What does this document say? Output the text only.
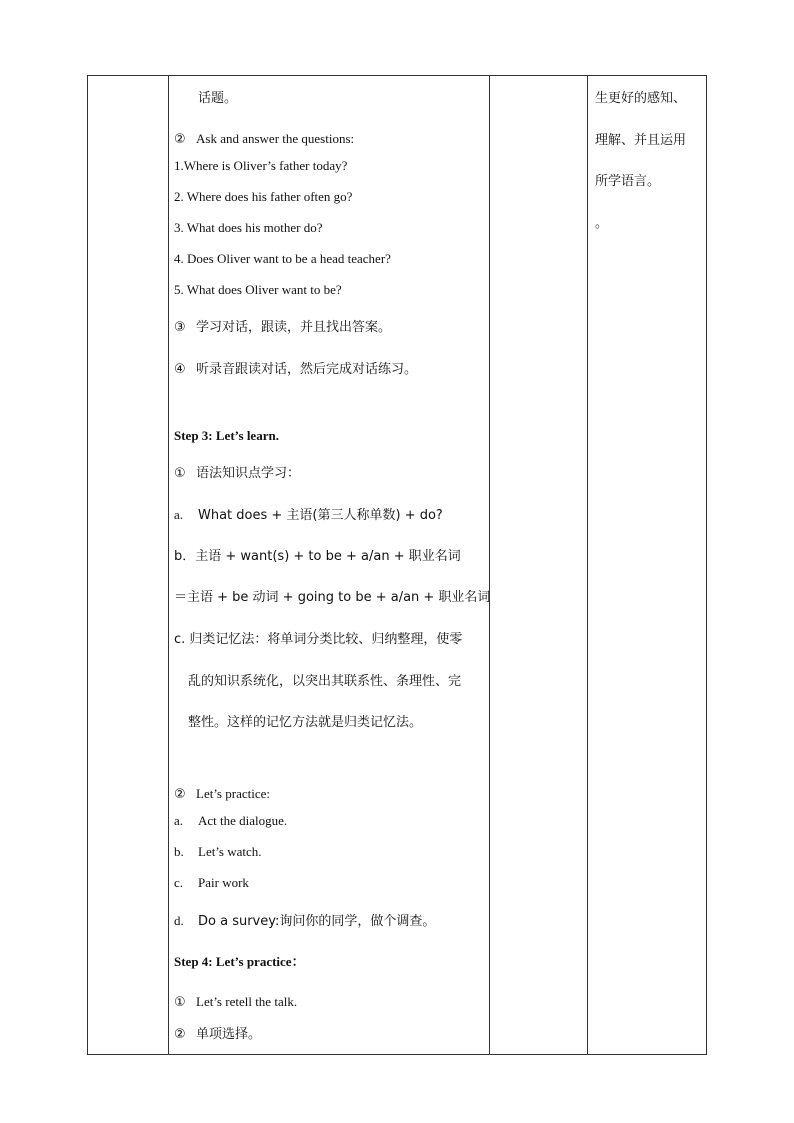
话题。
② Ask and answer the questions:
1.Where is Oliver’s father today?
2. Where does his father often go?
3. What does his mother do?
4. Does Oliver want to be a head teacher?
5. What does Oliver want to be?
③ 学习对话，跟读，并且找出答案。
④ 听录音跟读对话，然后完成对话练习。
Step 3: Let’s learn.
① 语法知识点学习：
a. What does + 主语(第三人称单数) + do?
b．主语 + want(s) + to be + a/an + 职业名词
＝主语 + be 动词 + going to be + a/an + 职业名词
c. 归类记忆法：将单词分类比较、归纳整理，使零
乱的知识系统化，以突出其联系性、条理性、完
整性。这样的记忆方法就是归类记忆法。
② Let’s practice:
a. Act the dialogue.
b. Let’s watch.
c. Pair work
d. Do a survey:询问你的同学，做个调查。
Step 4: Let’s practice：
① Let’s retell the talk.
② 单项选择。
生更好的感知、
理解、并且运用
所学语言。
。
